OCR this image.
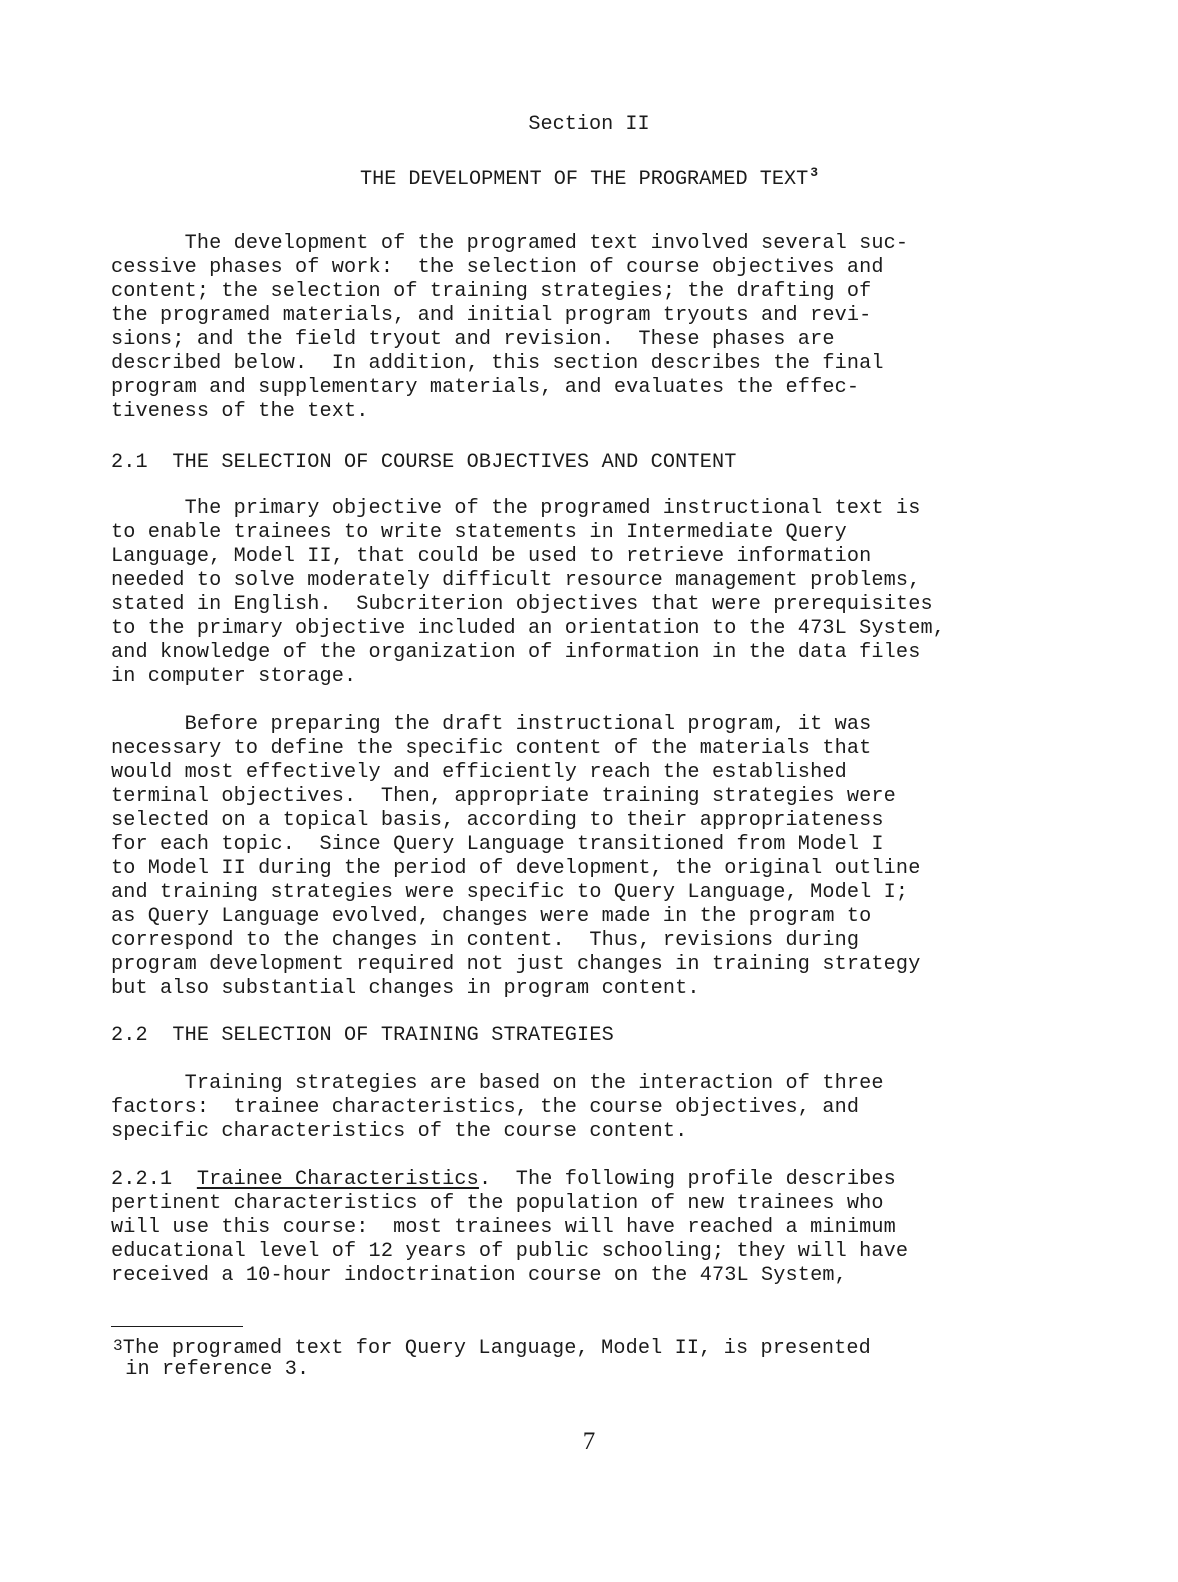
Section II
THE DEVELOPMENT OF THE PROGRAMED TEXT $^3$
The development of the programed text involved several suc-
cessive phases of work:  the selection of course objectives and
content; the selection of training strategies; the drafting of
the programed materials, and initial program tryouts and revi-
sions; and the field tryout and revision.  These phases are
described below.  In addition, this section describes the final
program and supplementary materials, and evaluates the effec-
tiveness of the text.
2.1  THE SELECTION OF COURSE OBJECTIVES AND CONTENT
The primary objective of the programed instructional text is
to enable trainees to write statements in Intermediate Query
Language, Model II, that could be used to retrieve information
needed to solve moderately difficult resource management problems,
stated in English.  Subcriterion objectives that were prerequisites
to the primary objective included an orientation to the 473L System,
and knowledge of the organization of information in the data files
in computer storage.
Before preparing the draft instructional program, it was
necessary to define the specific content of the materials that
would most effectively and efficiently reach the established
terminal objectives.  Then, appropriate training strategies were
selected on a topical basis, according to their appropriateness
for each topic.  Since Query Language transitioned from Model I
to Model II during the period of development, the original outline
and training strategies were specific to Query Language, Model I;
as Query Language evolved, changes were made in the program to
correspond to the changes in content.  Thus, revisions during
program development required not just changes in training strategy
but also substantial changes in program content.
2.2  THE SELECTION OF TRAINING STRATEGIES
Training strategies are based on the interaction of three
factors:  trainee characteristics, the course objectives, and
specific characteristics of the course content.
2.2.1  Trainee Characteristics.  The following profile describes
pertinent characteristics of the population of new trainees who
will use this course:  most trainees will have reached a minimum
educational level of 12 years of public schooling; they will have
received a 10-hour indoctrination course on the 473L System,
3The programed text for Query Language, Model II, is presented
in reference 3.
7
